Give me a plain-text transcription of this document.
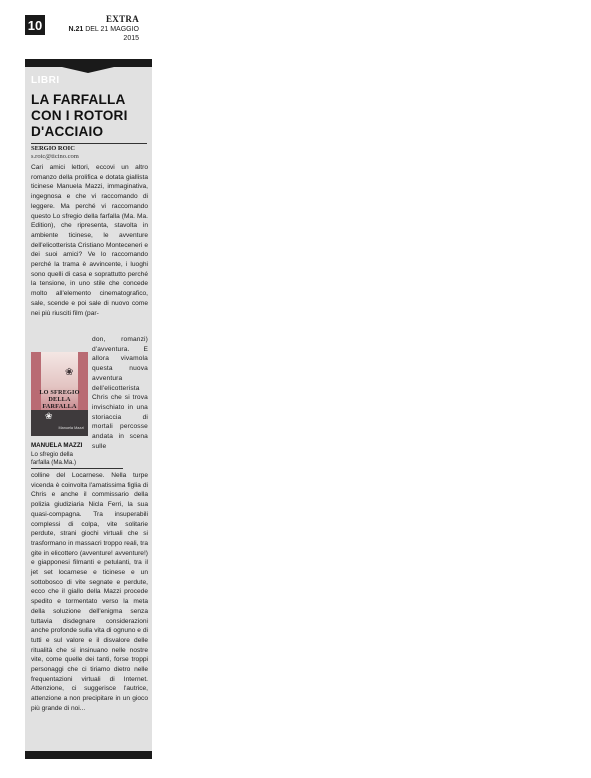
10	EXTRA
N.21 DEL 21 MAGGIO 2015
LIBRI
LA FARFALLA
CON I ROTORI
D'ACCIAIO
SERGIO ROIC
s.roic@ticino.com

Cari amici lettori, eccovi un altro romanzo della prolifica e dotata giallista ticinese Manuela Mazzi, immaginativa, ingegnosa e che vi raccomando di leggere. Ma perché vi raccomando questo Lo sfregio della farfalla (Ma. Ma. Edition), che ripresenta, stavolta in ambiente ticinese, le avventure dell'elicotterista Cristiano Monteceneri e dei suoi amici? Ve lo raccomando perché la trama è avvincente, i luoghi sono quelli di casa e soprattutto perché la tensione, in uno stile che concede molto all'elemento cinematografico, sale, scende e poi sale di nuovo come nei più riusciti film (par-

❀
❀
LO SFREGIO
DELLA FARFALLA
Manuela Mazzi

don, romanzi) d'avventura. E allora vivamola questa nuova avventura dell'elicotterista Chris che si trova invischiato in una storiaccia di mortali percosse andata in scena sulle

MANUELA MAZZI
Lo sfregio della farfalla (Ma.Ma.)

colline del Locarnese. Nella turpe vicenda è coinvolta l'amatissima figlia di Chris e anche il commissario della polizia giudiziaria Nicla Ferri, la sua quasi-compagna. Tra insuperabili complessi di colpa, vite solitarie perdute, strani giochi virtuali che si trasformano in massacri troppo reali, tra gite in elicottero (avventure! avventure!) e giapponesi filmanti e petulanti, tra il jet set locarnese e ticinese e un sottobosco di vite segnate e perdute, ecco che il giallo della Mazzi procede spedito e tormentato verso la meta della soluzione dell'enigma senza tuttavia disdegnare considerazioni anche profonde sulla vita di ognuno e di tutti e sul valore e il disvalore delle ritualità che si insinuano nelle nostre vite, come quelle dei tanti, forse troppi personaggi che ci tiriamo dietro nelle frequentazioni virtuali di Internet. Attenzione, ci suggerisce l'autrice, attenzione a non precipitare in un gioco più grande di noi...
